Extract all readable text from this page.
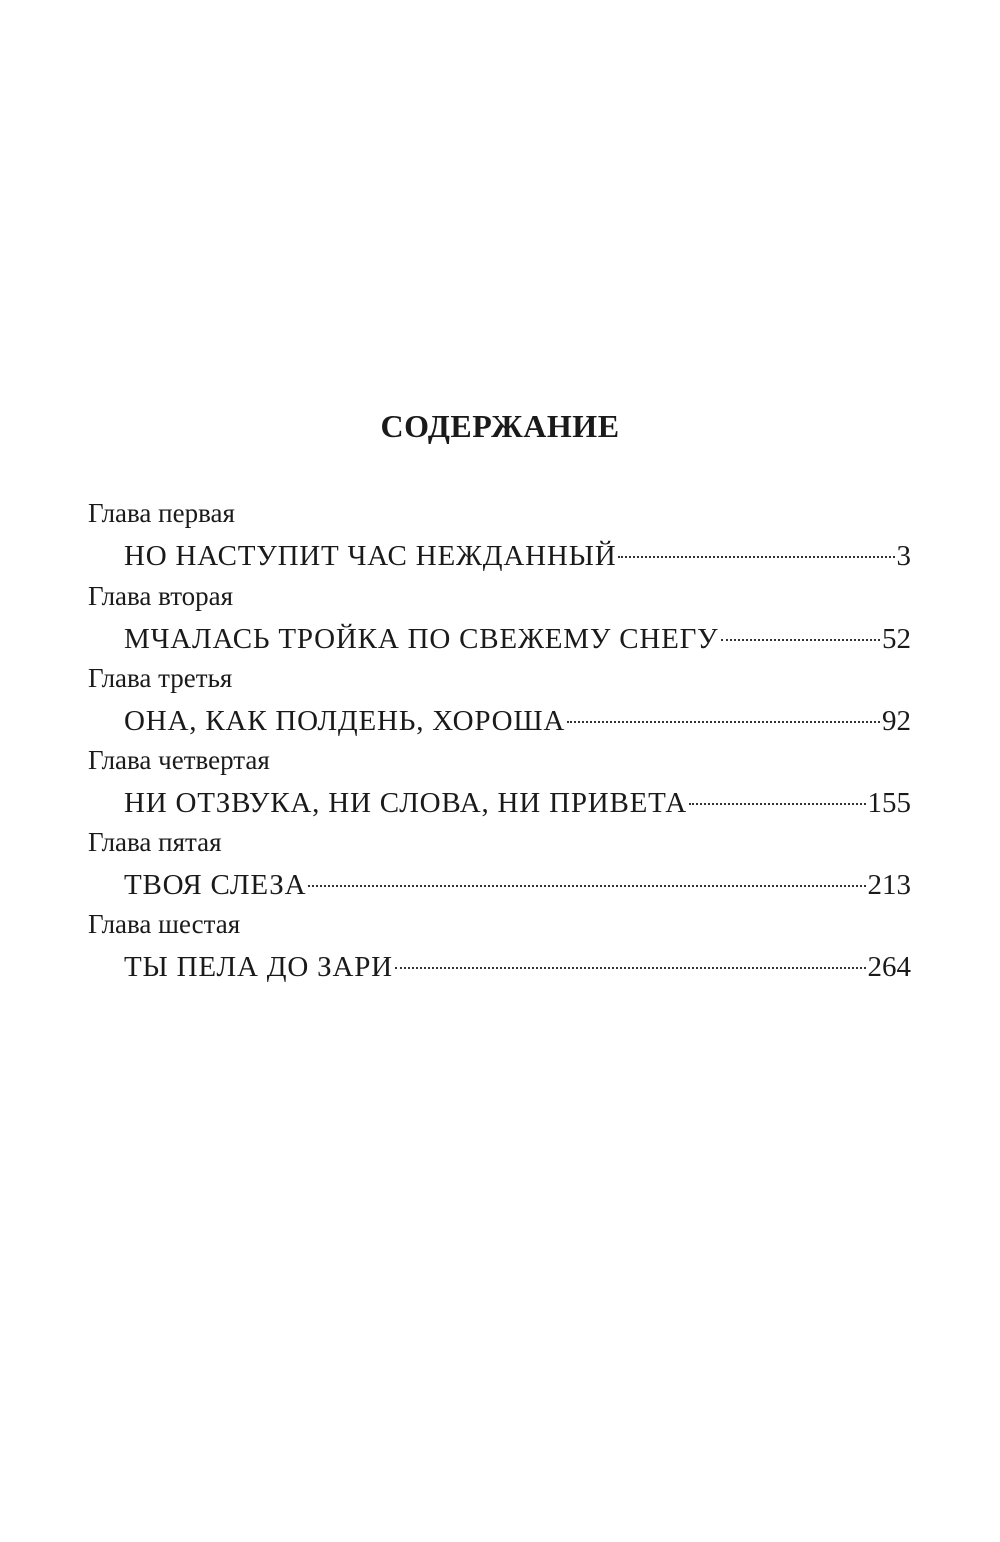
СОДЕРЖАНИЕ
Глава первая
НО НАСТУПИТ ЧАС НЕЖДАННЫЙ	3
Глава вторая
МЧАЛАСЬ ТРОЙКА ПО СВЕЖЕМУ СНЕГУ	52
Глава третья
ОНА, КАК ПОЛДЕНЬ, ХОРОША	92
Глава четвертая
НИ ОТЗВУКА, НИ СЛОВА, НИ ПРИВЕТА	155
Глава пятая
ТВОЯ СЛЕЗА	213
Глава шестая
ТЫ ПЕЛА ДО ЗАРИ	264
